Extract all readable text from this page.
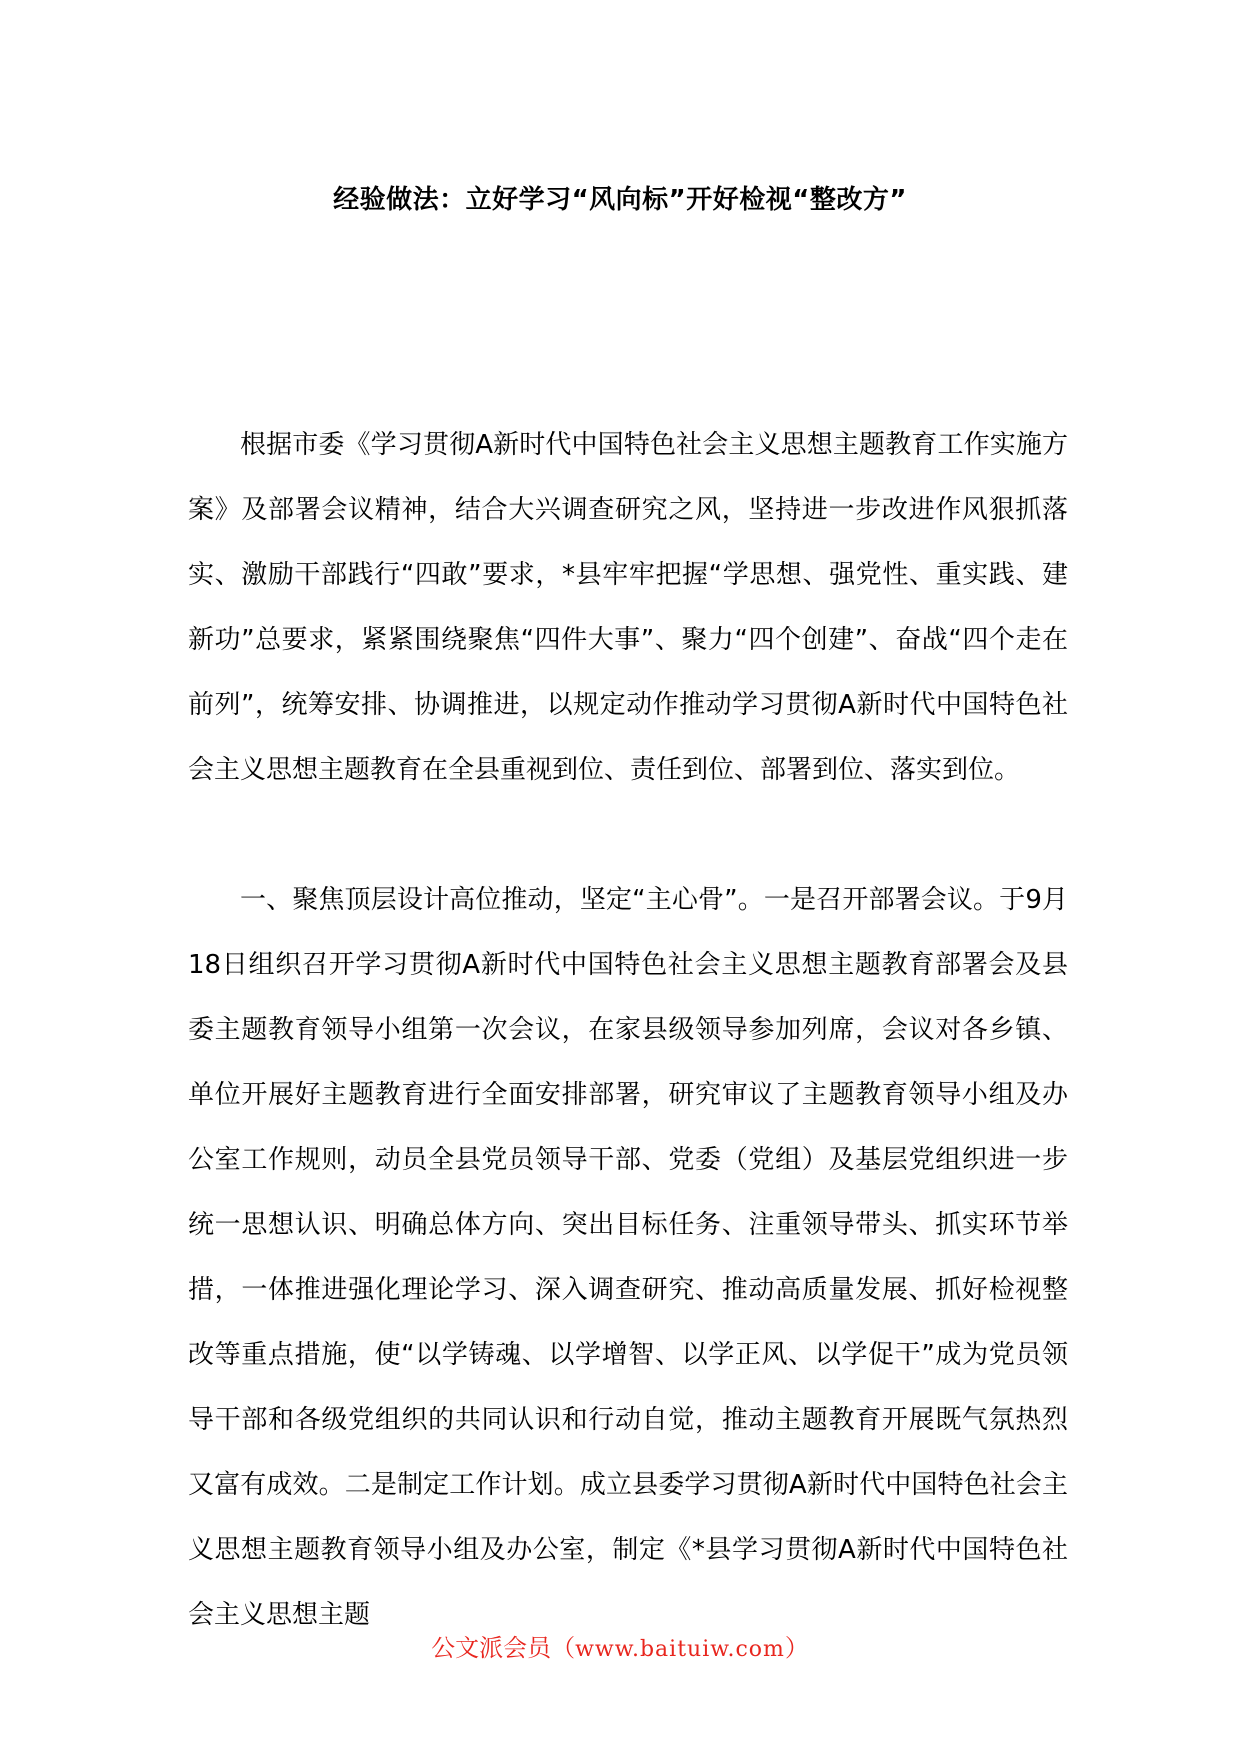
经验做法：立好学习“风向标”开好检视“整改方”

根据市委《学习贯彻A新时代中国特色社会主义思想主题教育工作实施方案》及部署会议精神，结合大兴调查研究之风，坚持进一步改进作风狠抓落实、激励干部践行“四敢”要求，*县牢牢把握“学思想、强党性、重实践、建新功”总要求，紧紧围绕聚焦“四件大事”、聚力“四个创建”、奋战“四个走在前列”，统筹安排、协调推进，以规定动作推动学习贯彻A新时代中国特色社会主义思想主题教育在全县重视到位、责任到位、部署到位、落实到位。

一、聚焦顶层设计高位推动，坚定“主心骨”。一是召开部署会议。于9月18日组织召开学习贯彻A新时代中国特色社会主义思想主题教育部署会及县委主题教育领导小组第一次会议，在家县级领导参加列席，会议对各乡镇、单位开展好主题教育进行全面安排部署，研究审议了主题教育领导小组及办公室工作规则，动员全县党员领导干部、党委（党组）及基层党组织进一步统一思想认识、明确总体方向、突出目标任务、注重领导带头、抓实环节举措，一体推进强化理论学习、深入调查研究、推动高质量发展、抓好检视整改等重点措施，使“以学铸魂、以学增智、以学正风、以学促干”成为党员领导干部和各级党组织的共同认识和行动自觉，推动主题教育开展既气氛热烈又富有成效。二是制定工作计划。成立县委学习贯彻A新时代中国特色社会主义思想主题教育领导小组及办公室，制定《*县学习贯彻A新时代中国特色社会主义思想主题

公文派会员（www.baituiw.com）
